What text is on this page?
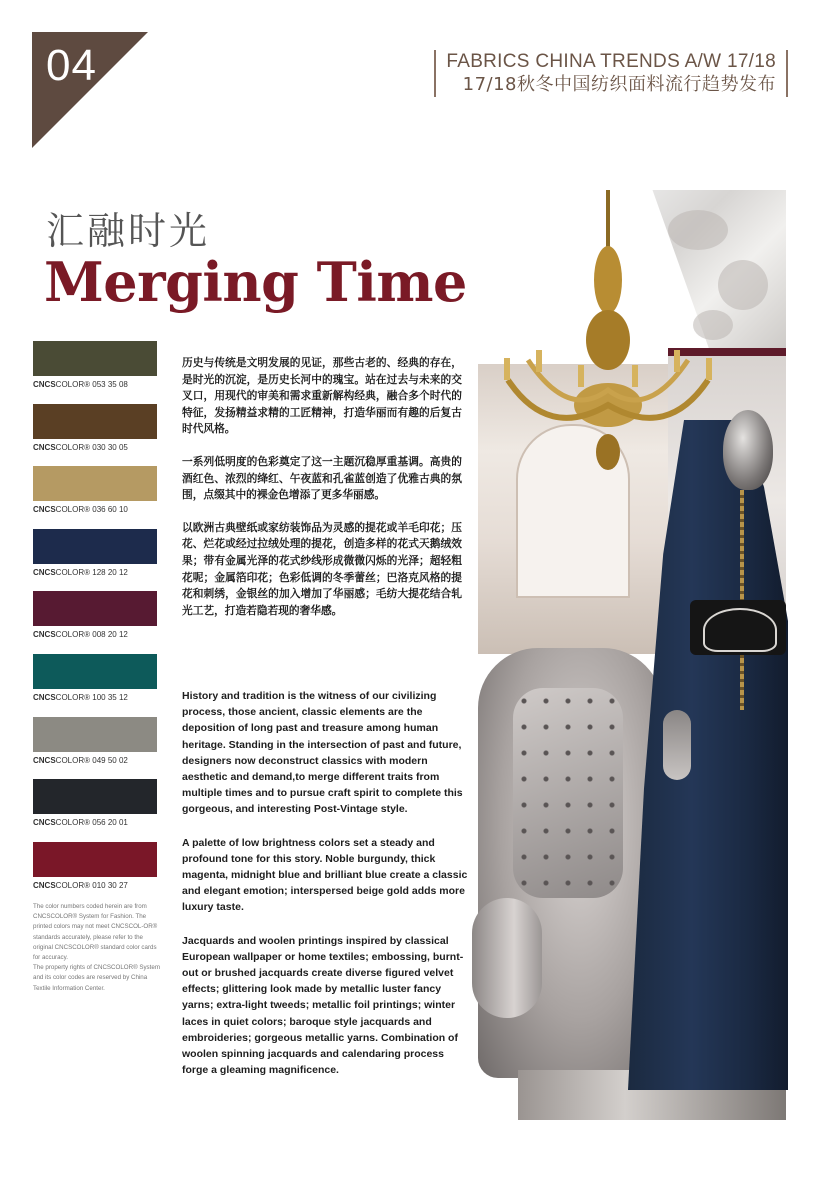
04	FABRICS CHINA TRENDS A/W 17/18
17/18秋冬中国纺织面料流行趋势发布
汇融时光
Merging Time
CNCSCOLOR® 053 35 08
CNCSCOLOR® 030 30 05
CNCSCOLOR® 036 60 10
CNCSCOLOR® 128 20 12
CNCSCOLOR® 008 20 12
CNCSCOLOR® 100 35 12
CNCSCOLOR® 049 50 02
CNCSCOLOR® 056 20 01
CNCSCOLOR® 010 30 27

The color numbers coded herein are from CNCSCOLOR® System for Fashion. The printed colors may not meet CNCSCOL-OR® standards accurately, please refer to the original CNCSCOLOR® standard color cards for accuracy.

The property rights of CNCSCOLOR® System and its color codes are reserved by China Textile Information Center.

历史与传统是文明发展的见证，那些古老的、经典的存在，是时光的沉淀，是历史长河中的瑰宝。站在过去与未来的交叉口，用现代的审美和需求重新解构经典，融合多个时代的特征，发扬精益求精的工匠精神，打造华丽而有趣的后复古时代风格。

一系列低明度的色彩奠定了这一主题沉稳厚重基调。高贵的酒红色、浓烈的绛红、午夜蓝和孔雀蓝创造了优雅古典的氛围，点缀其中的裸金色增添了更多华丽感。

以欧洲古典壁纸或家纺装饰品为灵感的提花或羊毛印花；压花、烂花或经过拉绒处理的提花，创造多样的花式天鹅绒效果；带有金属光泽的花式纱线形成微微闪烁的光泽；超轻粗花呢；金属箔印花；色彩低调的冬季蕾丝；巴洛克风格的提花和刺绣，金银丝的加入增加了华丽感；毛纺大提花结合轧光工艺，打造若隐若现的奢华感。

History and tradition is the witness of our civilizing process, those ancient, classic elements are the deposition of long past and treasure among human heritage. Standing in the intersection of past and future, designers now deconstruct classics with modern aesthetic and demand,to merge different traits from multiple times and to pursue craft spirit to complete this gorgeous, and interesting Post-Vintage style.

A palette of low brightness colors set a steady and profound tone for this story. Noble burgundy, thick magenta, midnight blue and brilliant blue create a classic and elegant emotion; interspersed beige gold adds more luxury taste.

Jacquards and woolen printings inspired by classical European wallpaper or home textiles; embossing, burnt-out or brushed jacquards create diverse figured velvet effects; glittering look made by metallic luster fancy yarns; extra-light tweeds; metallic foil printings; winter laces in quiet colors; baroque style jacquards and embroideries; gorgeous metallic yarns. Combination of woolen spinning jacquards and calendaring process forge a gleaming magnificence.
